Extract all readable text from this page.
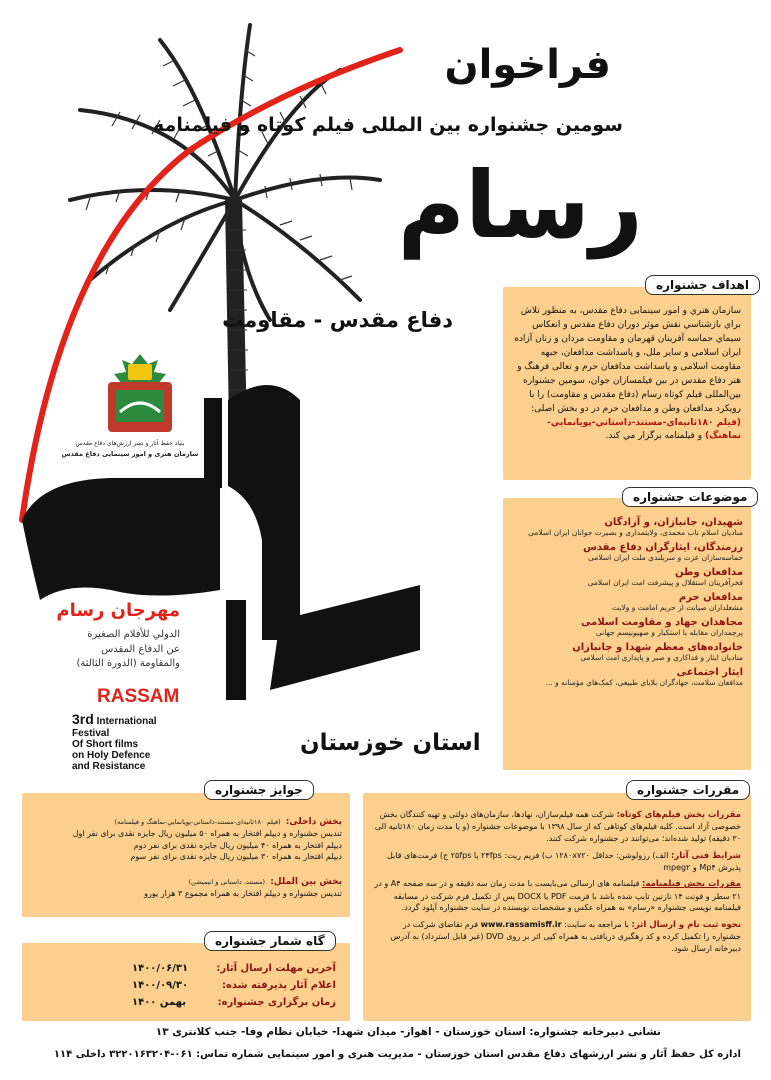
فراخوان
سومین جشنواره بین المللی فیلم کوتاه و فیلمنامه
رسام
دفاع مقدس - مقاومت
بنیاد حفظ آثار و نشر ارزش‌های دفاع مقدس
سازمان هنری و امور سینمایی دفاع مقدس
مهرجان رسام
الدولي للأفلام الصغيرة
عن الدفاع المقدس
والمقاومة (الدورة الثالثة)
RASSAM
3rd International
Festival
Of Short films
on Holy Defence
and Resistance
استان خوزستان
سازمان هنري و امور سينمايی دفاع مقدس، به منظور تلاش براي بازشناسي نقش موثر دوران دفاع مقدس و انعكاس سيماي حماسه آفرينان قهرمان و مقاومت مردان و زنان آزاده ايران اسلامي و ساير ملل، و پاسداشت مدافعان، جبهه مقاومت اسلامی و پاسداشت مدافعان حرم و تعالی فرهنگ و هنر دفاع مقدس در بین فیلمسازان جوان، سومین جشنواره بین‌المللی فیلم کوتاه رسام (دفاع مقدس و مقاومت) را با رویکرد مدافعان وطن و مدافعان حرم در دو بخش اصلی: (فيلم ۱۸۰ثانيه‌ای-مستند-داستاني-پويانمايي-نماهنگ) و فيلمنامه برگزار مي كند.
اهداف جشنواره
شهیدان، جانبازان، و آزادگان
منادیان اسلام ناب محمدی، ولایتمداری و بصیرت جوانان ایران اسلامی
رزمندگان، ایثارگران دفاع مقدس
حماسه‌سازان عزت و سربلندی ملت ایران اسلامی
مدافعان وطن
فخرآفرینان استقلال و پیشرفت امت ایران اسلامی
مدافعان حرم
مشعلداران صیانت از حریم امامت و ولایت
مجاهدان جهاد و مقاومت اسلامی
پرچمداران مقابله با استکبار و صهیونیسم جهانی
خانواده‌های معظم شهدا و جانبازان
منادیان ایثار و فداکاری و صبر و پایداری امت اسلامی
ایثار اجتماعی
مدافعان سلامت، جهادگران بلایای طبیعی، کمک‌های مؤمنانه و ...
موضوعات جشنواره
بخش داخلی: (فيلم ۱۸۰ثانيه‌ای-مستند-داستاني-پويانمايي-نماهنگ و فيلمنامه)
تندیس جشنواره و دیپلم افتخار به همراه ۵۰ میلیون ریال جایزه نقدی برای نفر اول
دیپلم افتخار به همراه ۴۰ میلیون ریال جایزه نقدی برای نفر دوم
دیپلم افتخار به همراه ۳۰ میلیون ریال جایزه نقدی برای نفر سوم
بخش بین الملل: (مستند، داستانی و انیمیشن)
تندیس جشنواره و دیپلم افتخار به همراه مجموع ۳ هزار یورو
جوایز جشنواره
آخرین مهلت ارسال آثار:
۱۴۰۰/۰۶/۳۱
اعلام آثار پذیرفته شده:
۱۴۰۰/۰۹/۳۰
زمان برگزاری جشنواره:
بهمن ۱۴۰۰
گاه شمار جشنواره
مقررات بخش فیلم‌های کوتاه: شرکت همه فیلم‌سازان، نهادها، سازمان‌های دولتی و تهیه کنندگان بخش خصوصی آزاد است. کلیه فیلم‌های کوتاهی که از سال ۱۳۹۸ با موضوعات جشنواره (و یا مدت زمان ۱۸۰ثانیه الی ۳۰ دقیقه) تولید شده‌اند؛ می‌توانند در جشنواره شرکت کنند.
شرایط فنی آثار: الف) رزولوشن: حداقل ۱۲۸۰x۷۲۰ ب) فریم ریت: ۲۴fps یا ۲۵fps ج) فرمت‌های قابل پذیرش Mp۴ و mpeg۲
مقررات بخش فیلمنامه: فیلمنامه های ارسالی می‌بایست با مدت زمان سه دقیقه و در سه صفحه A۴ و در ۲۱ سطر و فونت ۱۴ نازنین تایپ شده باشد با فرمت PDF یا DOCX پس از تکمیل فرم شرکت در مسابقه فیلمنامه نویسی جشنواره «رسام» به همراه عکس و مشخصات نویسنده در سایت جشنواره آپلود گردد.
نحوه ثبت نام و ارسال اثر: با مراجعه به سایت: www.rassamisff.ir فرم تقاضای شرکت در جشنواره را تکمیل کرده و کد رهگیری دریافتی به همراه کپی اثر بر روی DVD (غیر قابل استرداد) به آدرس دبیرخانه ارسال شود.
مقررات جشنواره
نشانی دبیرخانه جشنواره: استان خوزستان - اهواز- میدان شهدا- خیابان نظام وفا- جنب کلانتری ۱۳
اداره کل حفظ آثار و نشر ارزشهای دفاع مقدس استان خوزستان - مدیریت هنری و امور سینمایی شماره تماس: ۰۶۱-۳۲۲۰۱۶۳۲۰۴ داخلی ۱۱۴
